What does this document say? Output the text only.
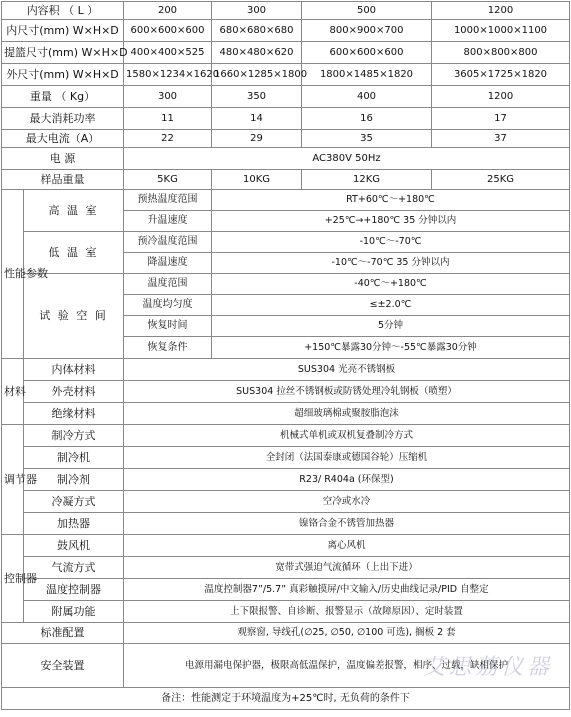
内容积 （ L ）		200	300	500	1200
内尺寸(mm) W×H×D		600×600×600	680×680×680	800×900×700	1000×1000×1100
提篮尺寸(mm) W×H×D		400×400×525	480×480×620	600×600×600	800×800×800
外尺寸(mm) W×H×D		1580×1234×1620	1660×1285×1800	1800×1485×1820	3605×1725×1820
重量 （ Kg）		300	350	400	1200
最大消耗功率		11	14	16	17
最大电流（A）		22	29	35	37
电 源		AC380V 50Hz			
样品重量		5KG	10KG	12KG	25KG
性能参数	高 温 室	预热温度范围	RT+60℃～+180℃		
		升温速度	+25℃→+180℃ 35 分钟以内		
	低 温 室	预冷温度范围	-10℃～-70℃		
		降温速度	-10℃～-70℃ 35 分钟以内		
	试 验 空 间	温度范围	-40℃～+180℃		
		温度均匀度	≤±2.0℃		
		恢复时间	5分钟		
		恢复条件	+150℃暴露30分钟～-55℃暴露30分钟		
材料	内体材料	SUS304 光亮不锈钢板			
	外壳材料	SUS304 拉丝不锈钢板或防锈处理冷轧钢板（喷塑）			
	绝缘材料	超细玻璃棉或聚胺脂泡沫			
调节器	制冷方式	机械式单机或双机复叠制冷方式			
	制冷机	全封闭（法国泰康或德国谷轮）压缩机			
	制冷剂	R23/ R404a (环保型)			
	冷凝方式	空冷或水冷			
	加热器	镍铬合金不锈管加热器			
控制器	鼓风机	离心风机			
	气流方式	宽带式强迫气流循环（上出下进）			
	温度控制器	温度控制器7”/5.7” 真彩触摸屏/中文输入/历史曲线记录/PID 自整定			
	附属功能	上下限报警、自诊断、报警显示（故障原因）、定时装置			
标准配置		观察窗, 导线孔(∅25, ∅50, ∅100 可选), 搁板 2 套			
安全装置		电源用漏电保护器，极限高低温保护，温度偏差报警，相序、过载，缺相保护			
备注：性能测定于环境温度为+25℃时, 无负荷的条件下					
艾思荔仪器
